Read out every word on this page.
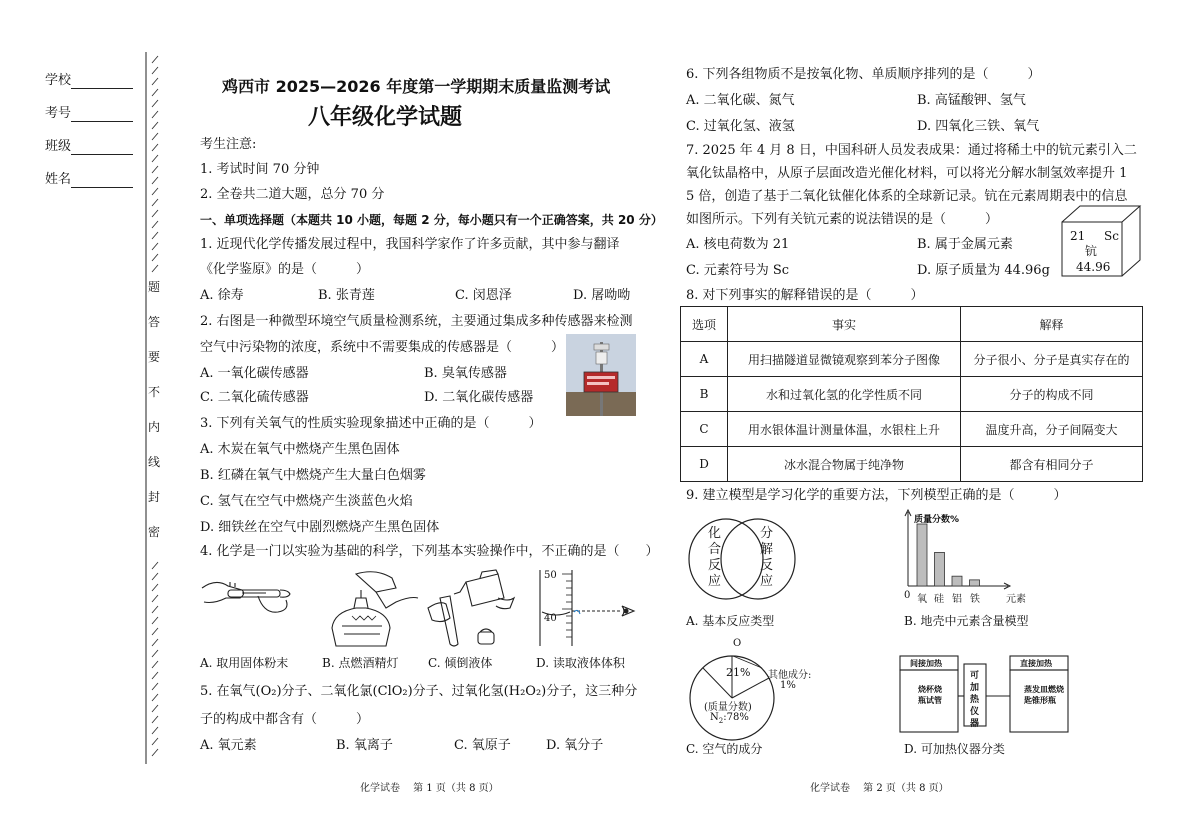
学校
考号
班级
姓名
题
答
要
不
内
线
封
密
鸡西市 2025—2026 年度第一学期期末质量监测考试
八年级化学试题
考生注意:
1. 考试时间 70 分钟
2. 全卷共二道大题，总分 70 分
一、单项选择题（本题共 10 小题，每题 2 分，每小题只有一个正确答案，共 20 分）
1. 近现代化学传播发展过程中，我国科学家作了许多贡献，其中参与翻译
《化学鉴原》的是（　　　）
A. 徐寿	B. 张青莲	C. 闵恩泽	D. 屠呦呦
2. 右图是一种微型环境空气质量检测系统，主要通过集成多种传感器来检测
空气中污染物的浓度，系统中不需要集成的传感器是（　　　）
A. 一氧化碳传感器	B. 臭氧传感器
C. 二氧化硫传感器	D. 二氧化碳传感器
3. 下列有关氧气的性质实验现象描述中正确的是（　　　）
A. 木炭在氧气中燃烧产生黑色固体
B. 红磷在氧气中燃烧产生大量白色烟雾
C. 氢气在空气中燃烧产生淡蓝色火焰
D. 细铁丝在空气中剧烈燃烧产生黑色固体
4. 化学是一门以实验为基础的科学，下列基本实验操作中，不正确的是（　　）
50
40
A. 取用固体粉末	B. 点燃酒精灯 C. 倾倒液体	D. 读取液体体积
5. 在氧气(O₂)分子、二氧化氯(ClO₂)分子、过氧化氢(H₂O₂)分子，这三种分
子的构成中都含有（　　　）
A. 氧元素	B. 氧离子	C. 氧原子	D. 氧分子
化学试卷　 第 1 页（共 8 页）
6. 下列各组物质不是按氧化物、单质顺序排列的是（　　　）
A. 二氧化碳、氮气	B. 高锰酸钾、氢气
C. 过氧化氢、液氢	D. 四氧化三铁、氧气
7. 2025 年 4 月 8 日，中国科研人员发表成果：通过将稀土中的钪元素引入二
氧化钛晶格中，从原子层面改造光催化材料，可以将光分解水制氢效率提升 1
5 倍，创造了基于二氧化钛催化体系的全球新记录。钪在元素周期表中的信息
如图所示。下列有关钪元素的说法错误的是（　　　）
A. 核电荷数为 21	B. 属于金属元素
C. 元素符号为 Sc	D. 原子质量为 44.96g
21 Sc
钪
44.96
8. 对下列事实的解释错误的是（　　　）
选项	事实	解释
A	用扫描隧道显微镜观察到苯分子图像	分子很小、分子是真实存在的
B	水和过氧化氢的化学性质不同	分子的构成不同
C	用水银体温计测量体温，水银柱上升	温度升高，分子间隔变大
D	冰水混合物属于纯净物	都含有相同分子
9. 建立模型是学习化学的重要方法，下列模型正确的是（　　　）
化合反应
分解反应
A. 基本反应类型
质量分数%
0 氧 硅 铝 铁	元素
B. 地壳中元素含量模型
O
21% 其他成分:
1%
(质量分数)
$N_2:78\%$
C. 空气的成分
间接加热
烧杯烧瓶试管
可加热仪器
直接加热
蒸发皿燃烧匙锥形瓶
D. 可加热仪器分类
化学试卷　 第 2 页（共 8 页）
